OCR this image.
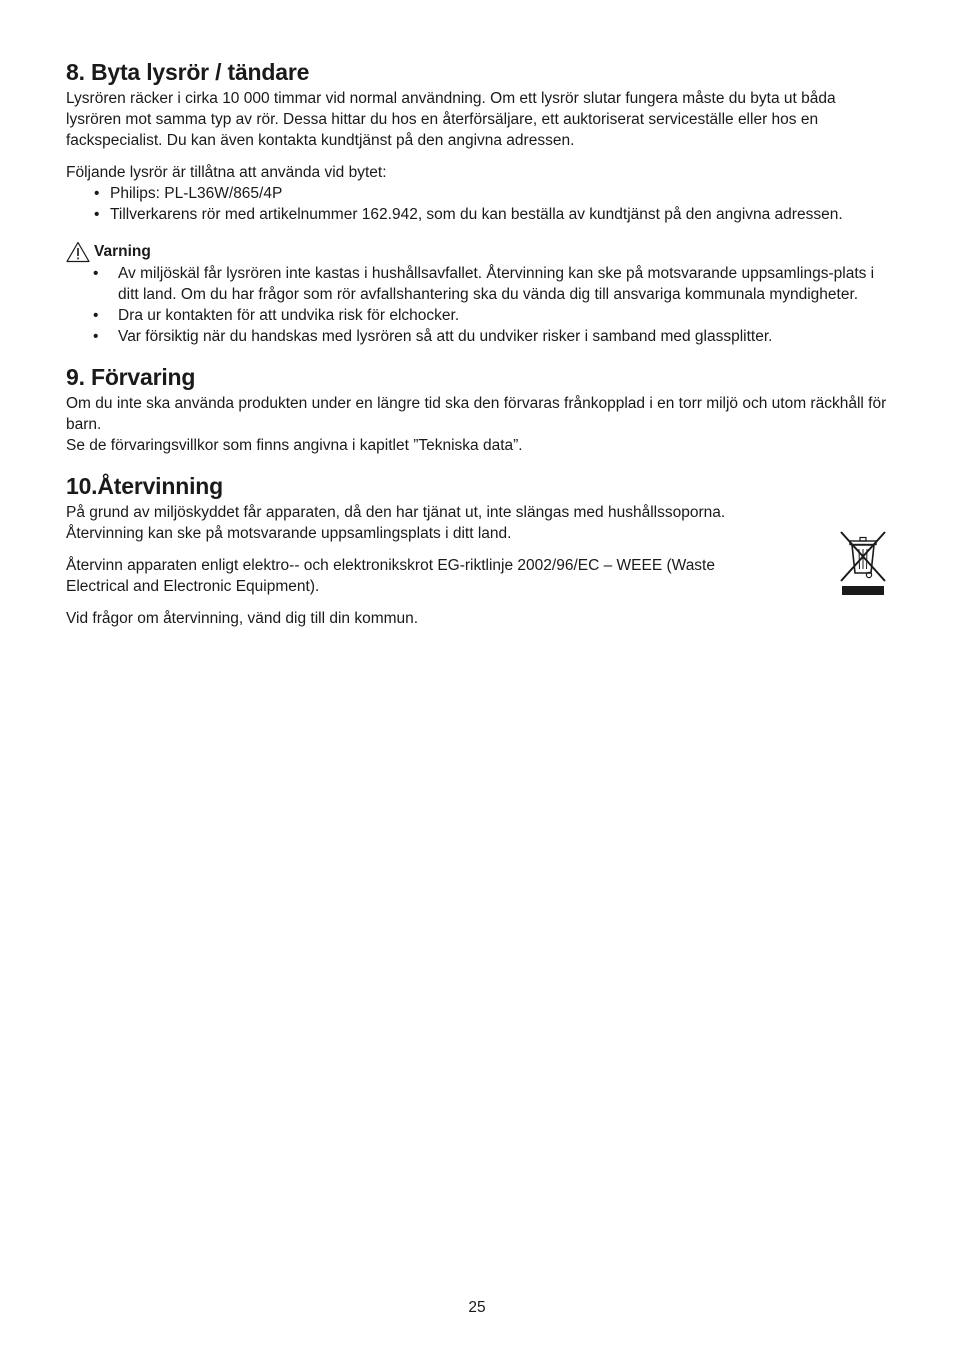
8. Byta lysrör / tändare

Lysrören räcker i cirka 10 000 timmar vid normal användning. Om ett lysrör slutar fungera måste du byta ut båda lysrören mot samma typ av rör. Dessa hittar du hos en återförsäljare, ett auktoriserat serviceställe eller hos en fackspecialist. Du kan även kontakta kundtjänst på den angivna adressen.

Följande lysrör är tillåtna att använda vid bytet:

• Philips: PL-L36W/865/4P
• Tillverkarens rör med artikelnummer 162.942, som du kan beställa av kundtjänst på den angivna adressen.
Varning
• Av miljöskäl får lysrören inte kastas i hushållsavfallet. Återvinning kan ske på motsvarande uppsamlings-plats i ditt land. Om du har frågor som rör avfallshantering ska du vända dig till ansvariga kommunala myndigheter.
• Dra ur kontakten för att undvika risk för elchocker.
• Var försiktig när du handskas med lysrören så att du undviker risker i samband med glassplitter.
9. Förvaring

Om du inte ska använda produkten under en längre tid ska den förvaras frånkopplad i en torr miljö och utom räckhåll för barn.

Se de förvaringsvillkor som finns angivna i kapitlet ”Tekniska data”.

10.Återvinning

På grund av miljöskyddet får apparaten, då den har tjänat ut, inte slängas med hushållssoporna.

Återvinning kan ske på motsvarande uppsamlingsplats i ditt land.

Återvinn apparaten enligt elektro-- och elektronikskrot EG-riktlinje 2002/96/EC – WEEE (Waste Electrical and Electronic Equipment).

Vid frågor om återvinning, vänd dig till din kommun.

25
